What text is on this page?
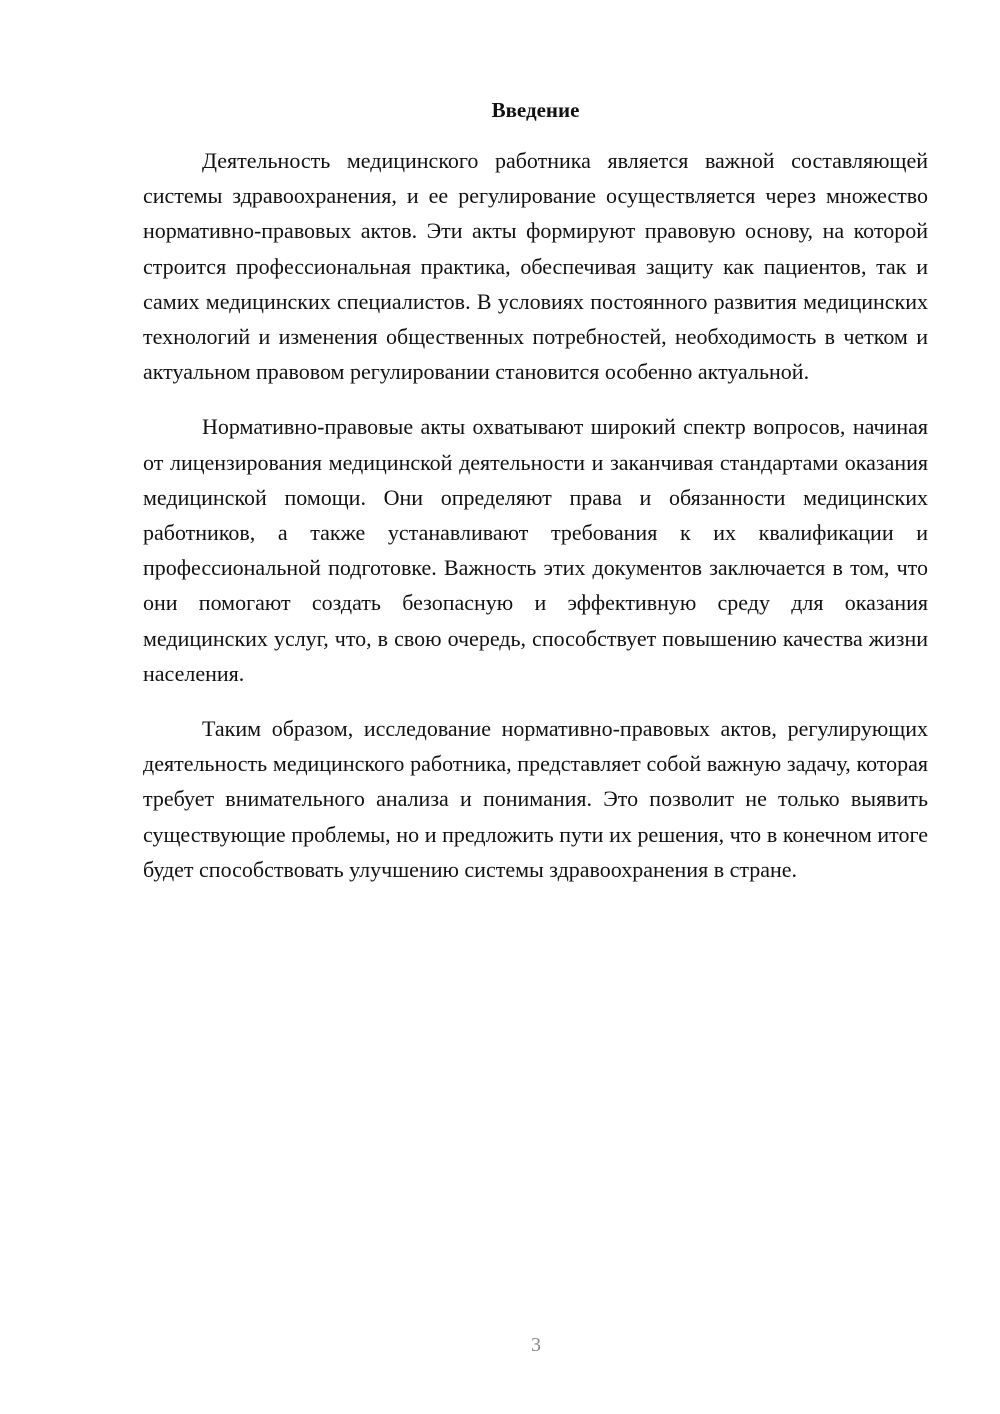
Введение

Деятельность медицинского работника является важной составляющей системы здравоохранения, и ее регулирование осуществляется через множество нормативно-правовых актов. Эти акты формируют правовую основу, на которой строится профессиональная практика, обеспечивая защиту как пациентов, так и самих медицинских специалистов. В условиях постоянного развития медицинских технологий и изменения общественных потребностей, необходимость в четком и актуальном правовом регулировании становится особенно актуальной.

Нормативно-правовые акты охватывают широкий спектр вопросов, начиная от лицензирования медицинской деятельности и заканчивая стандартами оказания медицинской помощи. Они определяют права и обязанности медицинских работников, а также устанавливают требования к их квалификации и профессиональной подготовке. Важность этих документов заключается в том, что они помогают создать безопасную и эффективную среду для оказания медицинских услуг, что, в свою очередь, способствует повышению качества жизни населения.

Таким образом, исследование нормативно-правовых актов, регулирующих деятельность медицинского работника, представляет собой важную задачу, которая требует внимательного анализа и понимания. Это позволит не только выявить существующие проблемы, но и предложить пути их решения, что в конечном итоге будет способствовать улучшению системы здравоохранения в стране.

3
